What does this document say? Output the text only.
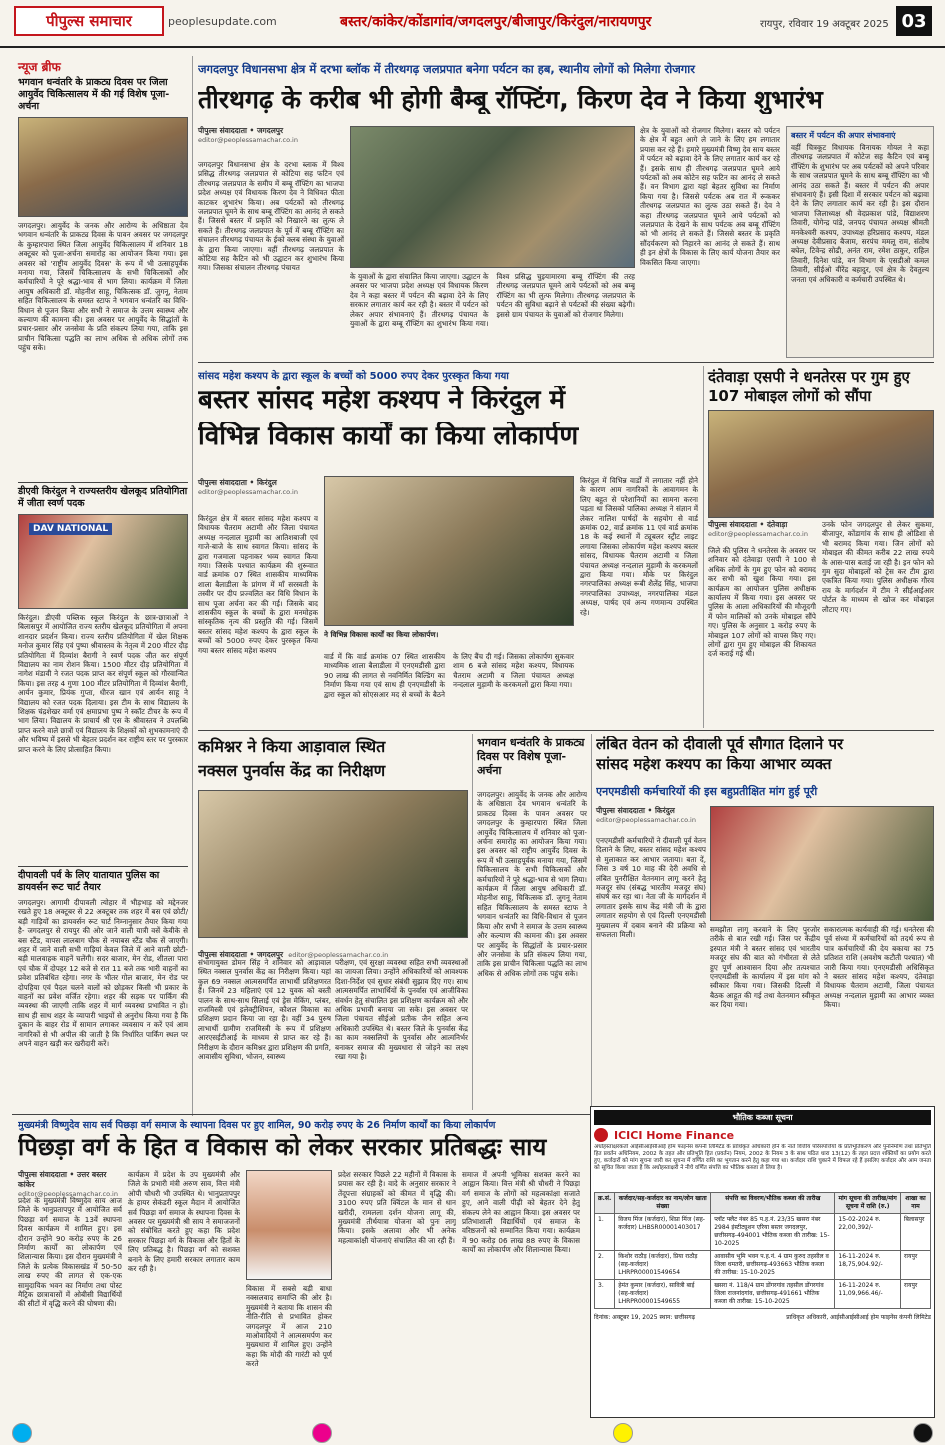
पीपुल्स समाचार	peoplesupdate.com	बस्तर/कांकेर/कोंडागांव/जगदलपुर/बीजापुर/किरंदुल/नारायणपुर	रायपुर, रविवार 19 अक्टूबर 2025 03
न्यूज ब्रीफ
भगवान धन्वंतरि के प्राकट्य दिवस पर जिला आयुर्वेद चिकित्सालय में की गई विशेष पूजा-अर्चना
जगदलपुर। आयुर्वेद के जनक और आरोग्य के अधिष्ठाता देव भगवान धन्वंतरि के प्राकट्य दिवस के पावन अवसर पर जगदलपुर के कुम्हारपारा स्थित जिला आयुर्वेद चिकित्सालय में शनिवार 18 अक्टूबर को पूजा-अर्चना समारोह का आयोजन किया गया। इस अवसर को 'राष्ट्रीय आयुर्वेद दिवस' के रूप में भी उत्साहपूर्वक मनाया गया, जिसमें चिकित्सालय के सभी चिकित्सकों और कर्मचारियों ने पूरे श्रद्धा-भाव से भाग लिया। कार्यक्रम में जिला आयुष अधिकारी डॉ. मोहनीश साहू, चिकित्सक डॉ. जुगनू, नेताम सहित चिकित्सालय के समस्त स्टाफ ने भगवान धन्वंतरि का विधि-विधान से पूजन किया और सभी ने समाज के उत्तम स्वास्थ्य और कल्याण की कामना की। इस अवसर पर आयुर्वेद के सिद्धांतों के प्रचार-प्रसार और जनसेवा के प्रति संकल्प लिया गया, ताकि इस प्राचीन चिकित्सा पद्धति का लाभ अधिक से अधिक लोगों तक पहुंच सके।
डीएवी किरंदुल ने राज्यस्तरीय खेलकूद प्रतियोगिता में जीता स्वर्ण पदक
DAV NATIONAL
किरंदुल। डीएवी पब्लिक स्कूल किरंदुल के छात्र-छात्राओं ने बिलासपुर में आयोजित राज्य स्तरीय खेलकूद प्रतियोगिता में अपना शानदार प्रदर्शन किया। राज्य स्तरीय प्रतियोगिता में खेल शिक्षक मनोज कुमार सिंह एवं पुष्पा श्रीवास्तव के नेतृत्व में 200 मीटर दौड़ प्रतियोगिता में दिव्यांश बैरागी ने स्वर्ण पदक जीत कर संपूर्ण विद्यालय का नाम रोशन किया। 1500 मीटर दौड़ प्रतियोगिता में नागेश मंडावी ने रजत पदक प्राप्त कर संपूर्ण स्कूल को गौरवान्वित किया। इस तरह 4 गुणा 100 मीटर प्रतियोगिता में दिव्यांश बैरागी, आर्यन कुमार, प्रियंक गुप्ता, धीरज खान एवं आर्यन साहू ने विद्यालय को रजत पदक दिलाया। इस टीम के साथ विद्यालय के शिक्षक चंद्रशेखर वर्मा एवं क्षमाप्रभा पुष्प ने स्कॉट टीचर के रूप में भाग लिया। विद्यालय के प्राचार्य श्री एस के श्रीवास्तव ने उपलब्धि प्राप्त करने वाले छात्रों एवं विद्यालय के शिक्षकों को शुभकामनाएं दी और भविष्य में इससे भी बेहतर प्रदर्शन कर राष्ट्रीय स्तर पर पुरस्कार प्राप्त करने के लिए प्रोत्साहित किया।
दीपावली पर्व के लिए यातायात पुलिस का डायवर्सन रूट चार्ट तैयार
जगदलपुर। आगामी दीपावली त्योहार में भीड़भाड़ को मद्देनजर रखते हुए 18 अक्टूबर से 22 अक्टूबर तक शहर में बस एवं छोटी/बड़ी गाड़ियों का डायवर्सन रूट चार्ट निम्नानुसार तैयार किया गया है- जगदलपुर से रायपुर की ओर जाने वाली यात्री वसें केवीके से बस स्टैंड, वापस लालबाग चौक से नयाबस स्टैंड चौक सें जाएगी। शहर में जाने वाली सभी गाड़ियां केवल जिले में आने वाली छोटी-बड़ी मालवाहक वाहनें चलेंगी। सदर बाजार, मेन रोड, शीतला पारा एवं चौक में दोपहर 12 बजे से रात 11 बजे तक भारी वाहनों का प्रवेश प्रतिबंधित रहेगा। नगर के भीतर गोल बाजार, मेन रोड पर दोपहिया एवं पैदल चलने वालों को छोड़कर किसी भी प्रकार के वाहनों का प्रवेश वर्जित रहेगा। शहर की सड़क पर पार्किंग की व्यवस्था की जाएगी ताकि शहर में मार्ग व्यवस्था प्रभावित न हो। साथ ही साथ शहर के व्यापारी भाइयों से अनुरोध किया गया है कि दुकान के बाहर रोड में सामान लगाकर व्यवसाय न करें एवं आम नागरिकों से भी अपील की जाती है कि निर्धारित पार्किंग स्थल पर अपने वाहन खड़ी कर खरीदारी करें।
जगदलपुर विधानसभा क्षेत्र में दरभा ब्लॉक में तीरथगढ़ जलप्रपात बनेगा पर्यटन का हब, स्थानीय लोगों को मिलेगा रोजगार
तीरथगढ़ के करीब भी होगी बैम्बू रॉफ्टिंग, किरण देव ने किया शुभारंभ
पीपुल्स संवाददाता • जगदलपुर
editor@peoplessamachar.co.in
जगदलपुर विधानसभा क्षेत्र के दरभा ब्लाक में विश्व प्रसिद्ध तीरथगढ़ जलप्रपात से कोटिया सह फटिन एवं तीरथगढ़ जलप्रपात के समीप में बम्बू रॉफ्टिंग का भाजपा प्रदेश अध्यक्ष एवं विधायक किरण देव ने विधिवत फीता काटकर शुभारंभ किया। अब पर्यटकों को तीरथगढ़ जलप्रपात घूमने के साथ बम्बू रॉफ्टिंग का आनंद ले सकते हैं। जिससे बस्तर में प्रकृति को निखारने का लुत्फ ले सकते हैं। तीरथगढ़ जलप्रपात के पूर्व में बम्बू रॉफ्टिंग का संचालन तीरथगढ़ पंचायत के ईको क्लब संस्था के युवाओं के द्वारा किया जाएगा। वहीं तीरथगढ़ जलप्रपात के कोटिया सह कैटिन को भी उद्घाटन कर शुभारंभ किया गया। जिसका संचालन तीरथगढ़ पंचायत
के युवाओं के द्वारा संचालित किया जाएगा। उद्घाटन के अवसर पर भाजपा प्रदेश अध्यक्ष एवं विधायक किरण देव ने कहा बस्तर में पर्यटन की बढ़ावा देने के लिए सरकार लगातार कार्य कर रही है। बस्तर में पर्यटन को लेकर अपार संभावनाएं हैं। तीरथगढ़ पंचायत के युवाओं के द्वारा बम्बू रॉफ्टिंग का शुभारंभ किया गया। विश्व प्रसिद्ध चुइयामारमा बम्बू रॉफ्टिंग की तरह तीरथगढ़ जलप्रपात घूमने आये पर्यटकों को अब बम्बू रॉफ्टिंग का भी लुत्फ मिलेगा। तीरथगढ़ जलप्रपात के पर्यटन की सुविधा बढ़ाने से पर्यटकों की संख्या बढ़ेगी। इससे ग्राम पंचायत के युवाओं को रोजगार मिलेगा।
क्षेत्र के युवाओं को रोजगार मिलेगा। बस्तर को पर्यटन के क्षेत्र में बहुत आगे ले जाने के लिए हम लगातार प्रयास कर रहे हैं। हमारे मुख्यमंत्री विष्णु देव साय बस्तर में पर्यटन को बढ़ावा देने के लिए लगातार कार्य कर रहे हैं। इसके साथ ही तीरथगढ़ जलप्रपात घूमने आये पर्यटकों को अब कोटेन सह फटिन का आनंद ले सकते हैं। वन विभाग द्वारा यहां बेहतर सुविधा का निर्माण किया गया है। जिससे पर्यटक अब रात में रूककर तीरथगढ़ जलप्रपात का लुत्फ उठा सकते हैं। देव ने कहा तीरथगढ़ जलप्रपात घूमने आये पर्यटकों को जलप्रपात के देखने के साथ पर्यटक अब बम्बू रॉफ्टिंग को भी आनंद ले सकते हैं। जिससे बस्तर के प्रकृति सौंदर्यकरण को निहारने का आनंद ले सकते हैं। साथ ही इन क्षेत्रों के विकास के लिए कार्य योजना तैयार कर विकसित किया जाएगा।
बस्तर में पर्यटन की अपार संभावनाएं
वहीं चित्रकूट विधायक विनायक गोयल ने कहा तीरथगढ़ जलप्रपात में कोटेज सह कैटिन एवं बम्बू रॉफ्टिंग के शुभारंभ पर अब पर्यटकों को अपने परिवार के साथ जलप्रपात घूमने के साथ बम्बू रॉफ्टिंग का भी आनंद उठा सकते हैं। बस्तर में पर्यटन की अपार संभावनाएं हैं। इसी दिशा में सरकार पर्यटन को बढ़ावा देने के लिए लगातार कार्य कर रही है। इस दौरान भाजपा जिलाध्यक्ष श्री वेदप्रकाश पांडे, विद्याशरण तिवारी, योगेन्द्र पांडे, जनपद पंचायत अध्यक्ष श्रीमती मनकेश्वरी कश्यप, उपाध्यक्ष हरिप्रसाद कश्यप, मंडल अध्यक्ष देवीप्रसाद बैजाम, सरपंच ममलू राम, संतोष बघेल, टिवेन्द्र सोढी, अनंत राम, रमेश ठाकुर, राहिल तिवारी, दिनेश पांडे, वन विभाग के एसडीओ कमल तिवारी, सीईओ वीरेंद्र बहादुर, एवं क्षेत्र के देवतुल्य जनता एवं अधिकारी व कर्मचारी उपस्थित थे।
सांसद महेश कश्यप के द्वारा स्कूल के बच्चों को 5000 रुपए देकर पुरस्कृत किया गया
बस्तर सांसद महेश कश्यप ने किरंदुल में
विभिन्न विकास कार्यों का किया लोकार्पण
पीपुल्स संवाददाता • किरंदुल
editor@peoplessamachar.co.in
किरंदुल क्षेत्र में बस्तर सांसद महेश कश्यप व विधायक चैतराम अटामी और जिला पंचायत अध्यक्ष नन्दलाल मुड़ामी का आतिशबाजी एवं गाजे-बाजे के साथ स्वागत किया। सांसद के द्वारा गजमाला पहनाकर भव्य स्वागत किया गया। जिसके पश्चात कार्यक्रम की शुरूवात वार्ड क्रमांक 07 स्थित शासकीय माध्यमिक शाला बैलाडीला के प्रांगण में माँ सरस्वती के तस्वीर पर दीप प्रज्वलित कर विधि विधान के साथ पूजा अर्चना कर की गई। जिसके बाद शासकीय स्कूल के बच्चों के द्वारा मनमोहक सांस्कृतिक नृत्य की प्रस्तुति की गई। जिसमें बस्तर सांसद महेश कश्यप के द्वारा स्कूल के बच्चों को 5000 रुपए देकर पुरस्कृत किया गया बस्तर सांसद महेश कश्यप
ने विभिन्न विकास कार्यों का किया लोकार्पण।
वार्ड में कि वार्ड क्रमांक 07 स्थित शासकीय माध्यमिक शाला बैलाडीला में एनएमडीसी द्वारा 90 लाख की लागत से नवनिर्मित बिल्डिंग का निर्माण किया गया एवं साथ ही एनएमडीसी के द्वारा स्कूल को सोएसआर मद से बच्चों के बैठने के लिए बैंच दी गई। जिसका लोकार्पण सुकवार शाम 6 बजे सांसद महेश कश्यप, विधायक चैतराम अटामी व जिला पंचायत अध्यक्ष नन्दलाल मुड़ामी के करकमलों द्वारा किया गया।
किरंदुल में विभिन्न वार्डों में लगातार नहीं होने के कारण आम नागरिकों के आवागमन के लिए बहुत से परेशानियों का सामना करना पड़ता था जिसको पालिका अध्यक्ष ने संज्ञान में लेकर नालिश पार्षदों के सहयोग से वार्ड क्रमांक 02, वार्ड क्रमांक 11 एवं वार्ड क्रमांक 18 के कई स्थानों में ट्यूबलर स्ट्रीट लाइट लगाया जिसका लोकार्पण महेश कश्यप बस्तर सांसद, विधायक चैतराम अटामी व जिला पंचायत अध्यक्ष नन्दलाल मुड़ामी के करकमलों द्वारा किया गया। मौके पर किरंदुल नगरपालिका अध्यक्ष रूबी शैलेंद्र सिंह, भाजपा नगरपालिका उपाध्यक्ष, नगरपालिका मंडल अध्यक्ष, पार्षद एवं अन्य गणमान्य उपस्थित रहे।
दंतेवाड़ा एसपी ने धनतेरस पर गुम हुए 107 मोबाइल लोगों को सौंपा
पीपुल्स संवाददाता • दंतेवाड़ा
editor@peoplessamachar.co.in
जिले की पुलिस ने धनतेरस के अवसर पर शनिवार को दंतेवाड़ा एसपी ने 100 से अधिक लोगों के गुम हुए फोन को बरामद कर सभी को खुश किया गया। इस कार्यक्रम का आयोजन पुलिस अधीक्षक कार्यालय में किया गया। इस अवसर पर पुलिस के आला अधिकारियों की मौजूदगी में फोन मालिकों को उनके मोबाइल सौंपे गए। पुलिस के अनुसार 1 करोड़ रुपए के मोबाइल 107 लोगों को वापस किए गए। लोगों द्वारा गुम हुए मोबाइल की शिकायत दर्ज कराई गई थी।
उनके फोन जगदलपुर से लेकर सुकमा, बीजापुर, कोंडागांव के साथ ही ओडिशा से भी बरामद किया गया। जिन लोगों को मोबाइल की कीमत करीब 22 लाख रुपये के आस-पास बताई जा रही है। इन फोन को गुम सुदा मोबाइलों को ट्रेस कर टीम द्वारा एकत्रित किया गया। पुलिस अधीक्षक गौरव राय के मार्गदर्शन में टीम ने सीईआईआर पोर्टल के माध्यम से खोज कर मोबाइल लौटाए गए।
कमिश्नर ने किया आड़ावाल स्थित
नक्सल पुनर्वास केंद्र का निरीक्षण
पीपुल्स संवाददाता • जगदलपुर editor@peoplessamachar.co.in
संभागायुक्त डोमन सिंह ने शनिवार को आड़ावाल स्थित नक्सल पुनर्वास केंद्र का निरीक्षण किया। यहां कुल 69 नक्सल आत्मसमर्पित लाभार्थी प्रशिक्षणरत हैं। जिनमें 23 महिलाएं एवं 12 युवक को बस्ती पालन के साथ-साथ सिलाई एवं ड्रेस मेकिंग, प्लंबर, राजमिस्त्री एवं इलेक्ट्रीशियन, कौशल विकास का प्रशिक्षण प्रदान किया जा रहा है। वहीं 34 पुरुष लाभार्थी ग्रामीण राजमिस्त्री के रूप में प्रशिक्षण आरएसईटीआई के माध्यम से प्राप्त कर रहे हैं। निरीक्षण के दौरान कमिश्नर द्वारा प्रशिक्षण की प्रगति, आवासीय सुविधा, भोजन, स्वास्थ्य
परीक्षण, एवं सुरक्षा व्यवस्था सहित सभी व्यवस्थाओं का जायजा लिया। उन्होंने अधिकारियों को आवश्यक दिशा-निर्देश एवं सुधार संबंधी सुझाव दिए गए। साथ आत्मसमर्पित लाभार्थियों के पुनर्वास एवं आजीविका संवर्धन हेतु संचालित इस प्रशिक्षण कार्यक्रम को और अधिक प्रभावी बनाया जा सके। इस अवसर पर जिला पंचायत सीईओ प्रतीक जैन सहित अन्य अधिकारी उपस्थित थे। बस्तर जिले के पुनर्वास केंद्र का काम नक्सलियों के पुनर्वास और आत्मनिर्भर बनाकर समाज की मुख्यधारा से जोड़ने का लक्ष्य रखा गया है।
भगवान धन्वंतरि के प्राकट्य दिवस पर विशेष पूजा-अर्चना
जगदलपुर। आयुर्वेद के जनक और आरोग्य के अधिष्ठाता देव भगवान धन्वंतरि के प्राकट्य दिवस के पावन अवसर पर जगदलपुर के कुम्हारपारा स्थित जिला आयुर्वेद चिकित्सालय में शनिवार को पूजा-अर्चना समारोह का आयोजन किया गया। इस अवसर को राष्ट्रीय आयुर्वेद दिवस के रूप में भी उत्साहपूर्वक मनाया गया, जिसमें चिकित्सालय के सभी चिकित्सकों और कर्मचारियों ने पूरे श्रद्धा-भाव से भाग लिया। कार्यक्रम में जिला आयुष अधिकारी डॉ. मोहनीश साहू, चिकित्सक डॉ. जुगनू नेताम सहित चिकित्सालय के समस्त स्टाफ ने भगवान धन्वंतरि का विधि-विधान से पूजन किया और सभी ने समाज के उत्तम स्वास्थ्य और कल्याण की कामना की। इस अवसर पर आयुर्वेद के सिद्धांतों के प्रचार-प्रसार और जनसेवा के प्रति संकल्प लिया गया, ताकि इस प्राचीन चिकित्सा पद्धति का लाभ अधिक से अधिक लोगों तक पहुंच सके।
लंबित वेतन को दीवाली पूर्व सौगात दिलाने पर
सांसद महेश कश्यप का किया आभार व्यक्त
एनएमडीसी कर्मचारियों की इस बहुप्रतीक्षित मांग हुई पूरी
पीपुल्स संवाददाता • किरंदुल
editor@peoplessamachar.co.in
एनएमडीसी कर्मचारियों ने दीवाली पूर्व वेतन दिलाने के लिए, बस्तर सांसद महेश कश्यप से मुलाकात कर आभार जताया। बता दें, जिस 3 वर्ष 10 माह की देरी अवधि से लंबित पुनरीक्षित वेतनमान लागू करने हेतु मजदूर संघ (संबद्ध भारतीय मजदूर संघ) संघर्ष कर रहा था। नेता जी के मार्गदर्शन में लगातार इसके साथ केंद्र मंत्री जी के द्वारा लगातार सहयोग से एवं दिल्ली एनएमडीसी मुख्यालय में दबाव बनाने की प्रक्रिया को सफलता मिली।
समझौता लागू करवाने के लिए पुरजोर तरीके से बात रखी गई। जिस पर केंद्रीय इस्पात मंत्री ने बस्तर सांसद एवं भारतीय मजदूर संघ की बात को गंभीरता से लेते हुए पूर्ण आश्वासन दिया और तत्पश्चात एनएमडीसी के कार्यालय में इस मांग को स्वीकार किया गया। जिसकी दिल्ली में बैठक आहूत की गई तथा वेतनमान स्वीकृत कर दिया गया।
सकारात्मक कार्यवाही की गई। धनतेरस की पूर्व संध्या में कर्मचारियों को तदर्थ रूप से पात्र कर्मचारियों की देय बकाया का 75 प्रतिशत राशि (अवशेष कटौती पश्चात) भी जारी किया गया। एनएमडीसी अधिसिकृत ने बस्तर सांसद महेश कश्यप, दंतेवाड़ा विधायक चैतराम अटामी, जिला पंचायत अध्यक्ष नन्दलाल मुड़ामी का आभार व्यक्त किया।
मुख्यमंत्री विष्णुदेव साय सर्व पिछड़ा वर्ग समाज के स्थापना दिवस पर हुए शामिल, 90 करोड़ रुपए के 26 निर्माण कार्यों का किया लोकार्पण
पिछड़ा वर्ग के हित व विकास को लेकर सरकार प्रतिबद्धः साय
पीपुल्स संवाददाता • उत्तर बस्तर कांकेर
editor@peoplessamachar.co.in
प्रदेश के मुख्यमंत्री विष्णुदेव साय आज जिले के भानुप्रतापपुर में आयोजित सर्व पिछड़ा वर्ग समाज के 13वें स्थापना दिवस कार्यक्रम में शामिल हुए। इस दौरान उन्होंने 90 करोड़ रुपए के 26 निर्माण कार्यों का लोकार्पण एवं शिलान्यास किया। इस दौरान मुख्यमंत्री ने जिले के प्रत्येक विकासखंड में 50-50 लाख रुपए की लागत से एक-एक सामुदायिक भवन का निर्माण तथा पोस्ट मैट्रिक छात्रावासों में ओबीसी विद्यार्थियों की सीटों में वृद्धि करने की घोषणा की।
कार्यक्रम में प्रदेश के उप मुख्यमंत्री और जिले के प्रभारी मंत्री अरुण साव, वित्त मंत्री ओपी चौधरी भी उपस्थित थे। भानुप्रतापपुर के हायर सेकंडरी स्कूल मैदान में आयोजित सर्व पिछड़ा वर्ग समाज के स्थापना दिवस के अवसर पर मुख्यमंत्री श्री साय ने समाजजनों को संबोधित करते हुए कहा कि प्रदेश सरकार पिछड़ा वर्ग के विकास और हितों के लिए प्रतिबद्ध है। पिछड़ा वर्ग को सशक्त बनाने के लिए हमारी सरकार लगातार काम कर रही है।
विकास में सबसे बड़ी बाधा नक्सलवाद समाप्ति की ओर है। मुख्यमंत्री ने बताया कि शासन की नीति-रीति से प्रभावित होकर जगदलपुर में आज 210 माओवादियों ने आत्मसमर्पण कर मुख्यधारा में शामिल हुए। उन्होंने कहा कि मोदी की गारंटी को पूर्ण करते
प्रदेश सरकार पिछले 22 महीनों में विकास के प्रयास कर रही है। वादे के अनुसार सरकार ने तेंदूपत्ता संग्राहकों को कीमत में वृद्धि की। 3100 रुपए प्रति क्विंटल के मान से धान खरीदी, रामलला दर्शन योजना लागू की, मुख्यमंत्री तीर्थयात्रा योजना को पुनः लागू किया। इसके अलावा और भी अनेक महत्वाकांक्षी योजनाएं संचालित की जा रही हैं।
समाज में अपनी भूमिका सशक्त करने का आह्वान किया। वित्त मंत्री श्री चौधरी ने पिछड़ा वर्ग समाज के लोगों को महत्वकांक्षा सजाते हुए, आने वाली पीढ़ी को बेहतर देने हेतु संकल्प लेने का आह्वान किया। इस अवसर पर प्रतिभाशाली विद्यार्थियों एवं समाज के वरिष्ठजनों को सम्मानित किया गया। कार्यक्रम में 90 करोड़ 06 लाख 88 रुपए के विकास कार्यों का लोकार्पण और शिलान्यास किया।
भौतिक कब्जा सूचना
ICICI Home Finance
अधोहस्ताक्षरकर्ता आईसीआईसीआई होम फाइनेंस कंपनी लिमिटेड के प्राधिकृत अधिकारी होने के नाते वित्तीय परिसंपत्तियों के प्रतिभूतिकरण और पुनर्निर्माण तथा प्रतिभूति हित प्रवर्तन अधिनियम, 2002 के तहत और प्रतिभूति हित (प्रवर्तन) नियम, 2002 के नियम 3 के साथ पठित धारा 13(12) के तहत प्रदत्त शक्तियों का प्रयोग करते हुए, कर्जदारों को मांग सूचना जारी कर सूचना में वर्णित राशि का भुगतान करने हेतु कहा गया था। कर्जदार राशि चुकाने में विफल रहे हैं इसलिए कर्जदार और आम जनता को सूचित किया जाता है कि अधोहस्ताक्षरी ने नीचे वर्णित संपत्ति का भौतिक कब्जा ले लिया है।
क्र.सं.	कर्जदार/सह-कर्जदार का नाम/लोन खाता संख्या	संपत्ति का विवरण/भौतिक कब्जा की तारीख	मांग सूचना की तारीख/मांग सूचना में राशि (रु.)	शाखा का नाम
1.	विजय मिंज (कर्जदार), शिप्रा मिंज (सह-कर्जदार) LHBSR00001403017	प्लॉट फ्लैट नंबर 85 प.ह.नं. 23/35 खसरा नंबर 2984 इंस्टीट्यूशन एरिया बस्तर जगदलपुर, छत्तीसगढ़-494001 भौतिक कब्जा की तारीख: 15-10-2025	15-02-2024 रु. 22,00,392/-	बिलासपुर
2.	किशोर राठौड़ (कर्जदार), प्रिया राठौड़ (सह-कर्जदार) LHRPR00001549654	आवासीय भूमि भवन प.ह.नं. 4 ग्राम कुरुद तहसील व जिला धमतरी, छत्तीसगढ़-493663 भौतिक कब्जा की तारीख: 15-10-2025	16-11-2024 रु. 18,75,904.92/-	रायपुर
3.	हेमंत कुमार (कर्जदार), सावित्री बाई (सह-कर्जदार) LHRPR00001549655	खसरा नं. 118/4 ग्राम डोंगरगांव तहसील डोंगरगांव जिला राजनांदगांव, छत्तीसगढ़-491661 भौतिक कब्जा की तारीख: 15-10-2025	16-11-2024 रु. 11,09,966.46/-	रायपुर
दिनांक: अक्टूबर 19, 2025 स्थान: छत्तीसगढ़	प्राधिकृत अधिकारी, आईसीआईसीआई होम फाइनेंस कंपनी लिमिटेड
